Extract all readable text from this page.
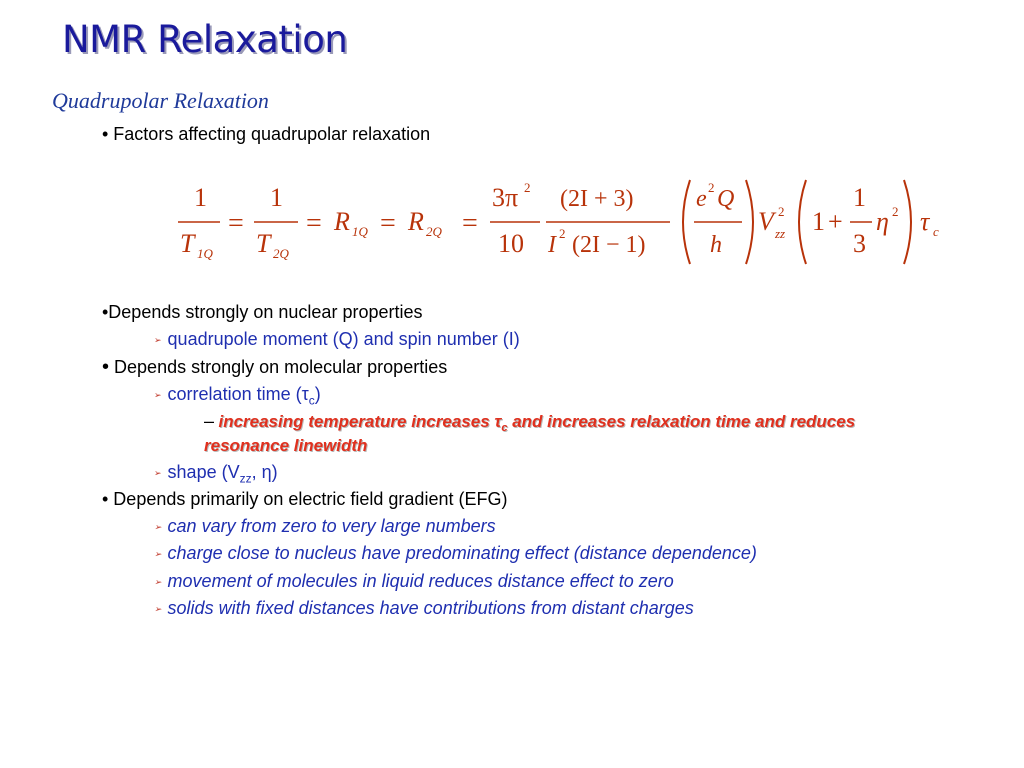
NMR Relaxation
Quadrupolar Relaxation
• Factors affecting quadrupolar relaxation
1
T 1Q
=
1
T 2Q
= R 1Q = R 2Q =
3π 2
10
(2I + 3)
I 2 (2I − 1)
e 2 Q
h
V 2
zz 1 +
1
3
η 2 τ c
•Depends strongly on nuclear properties
➢ quadrupole moment (Q) and spin number (I)
• Depends strongly on molecular properties
➢ correlation time $(\tau_c)$
– increasing temperature increases $\tau_c$ and increases relaxation time and reduces
resonance linewidth
➢ shape ($V_{zz}$, η)
• Depends primarily on electric field gradient (EFG)
➢ can vary from zero to very large numbers
➢ charge close to nucleus have predominating effect (distance dependence)
➢ movement of molecules in liquid reduces distance effect to zero
➢ solids with fixed distances have contributions from distant charges
